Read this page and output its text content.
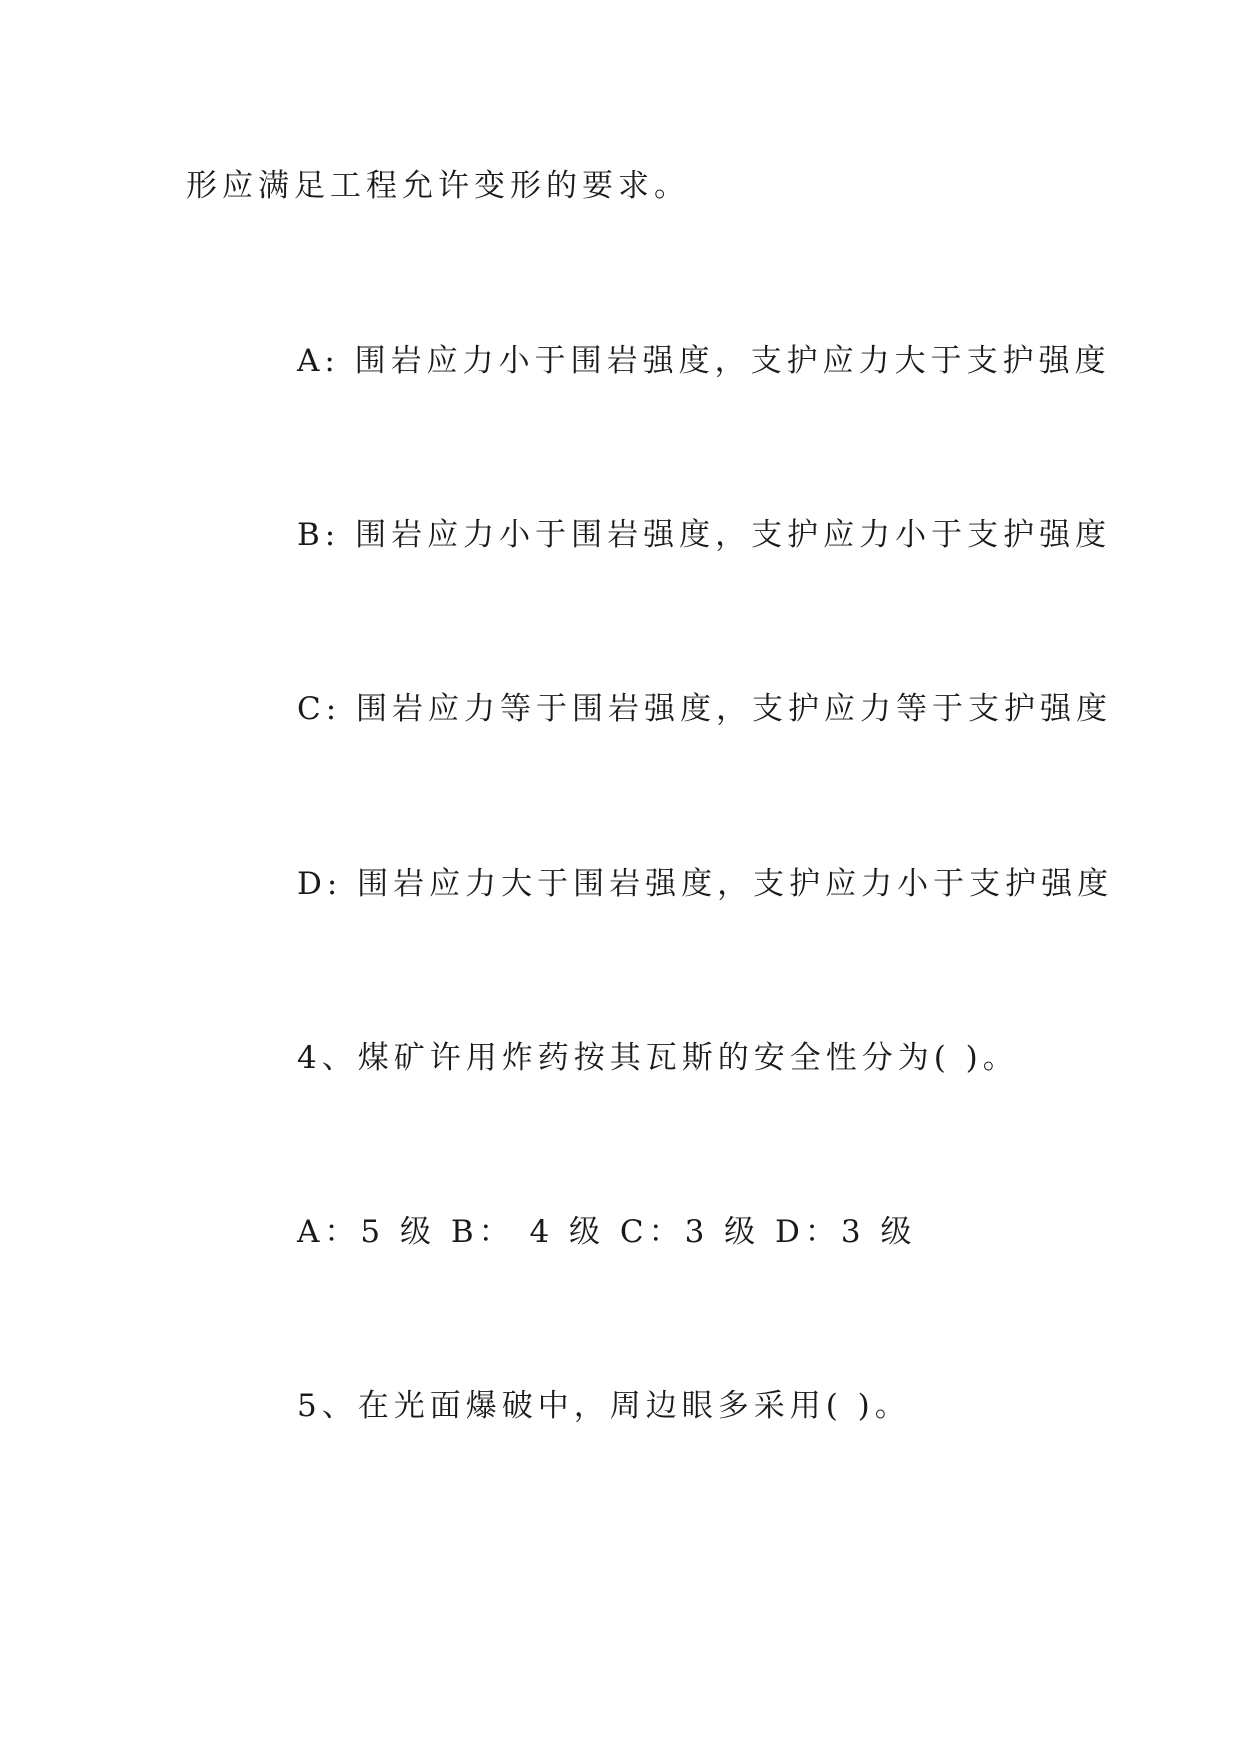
形应满足工程允许变形的要求。

A: 围岩应力小于围岩强度，支护应力大于支护强度

B: 围岩应力小于围岩强度，支护应力小于支护强度

C: 围岩应力等于围岩强度，支护应力等于支护强度

D: 围岩应力大于围岩强度，支护应力小于支护强度

4、煤矿许用炸药按其瓦斯的安全性分为( )。

A：5 级 B： 4 级 C：3 级 D：3 级

5、在光面爆破中，周边眼多采用( )。
